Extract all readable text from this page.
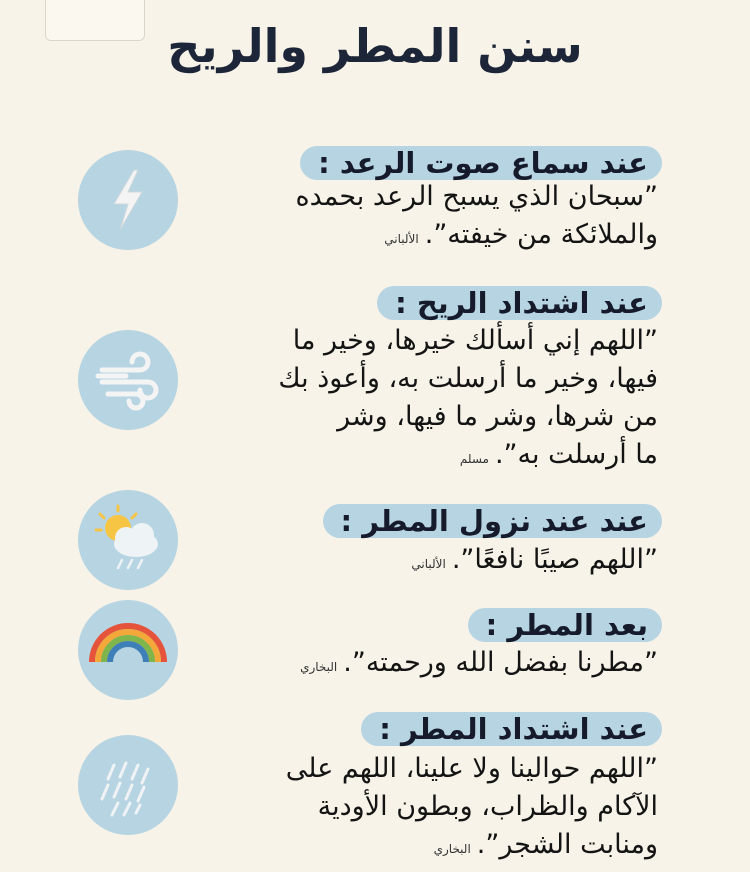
سنن المطر والريح
عند سماع صوت الرعد :
”سبحان الذي يسبح الرعد بحمده
والملائكة من خيفته”.الألباني
عند اشتداد الريح :
”اللهم إني أسألك خيرها، وخير ما
فيها، وخير ما أرسلت به، وأعوذ بك
من شرها، وشر ما فيها، وشر
ما أرسلت به”.مسلم
عند عند نزول المطر :
”اللهم صيبًا نافعًا”.الألباني
بعد المطر :
”مطرنا بفضل الله ورحمته”.البخاري
عند اشتداد المطر :
”اللهم حوالينا ولا علينا، اللهم على
الآكام والظراب، وبطون الأودية
ومنابت الشجر”.البخاري
